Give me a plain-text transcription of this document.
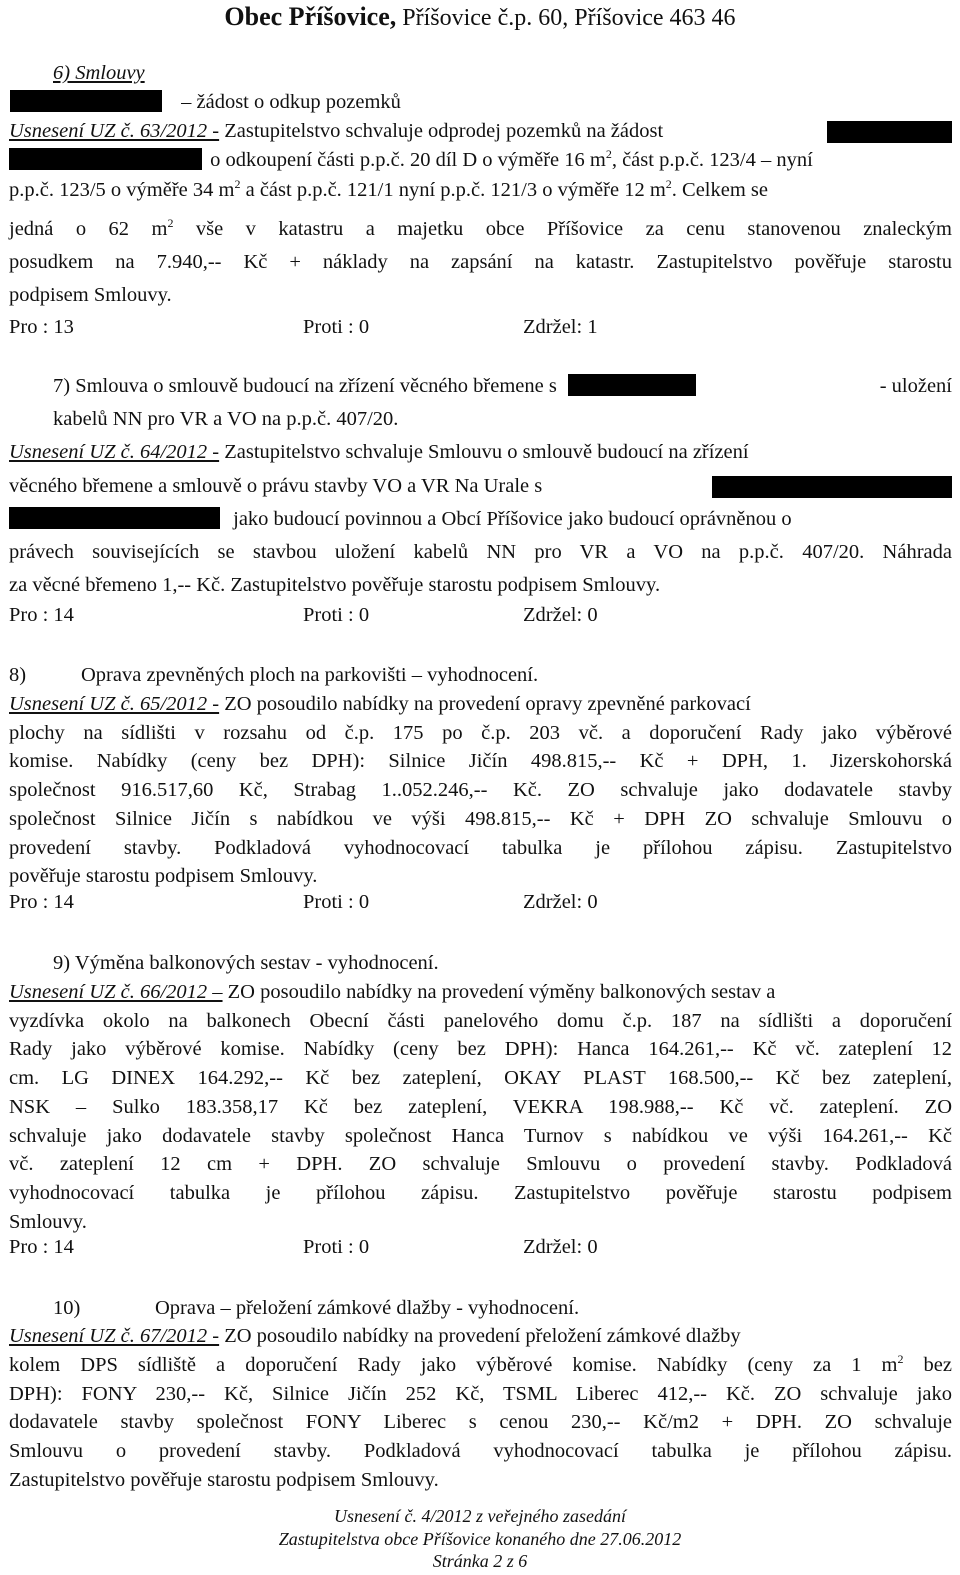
Obec Příšovice, Příšovice č.p. 60, Příšovice 463 46
6) Smlouvy
– žádost o odkup pozemků
Usnesení UZ č. 63/2012 - Zastupitelstvo schvaluje odprodej pozemků na žádost
o odkoupení části p.p.č. 20 díl D o výměře 16 $m^2$, část p.p.č. 123/4 – nyní
p.p.č. 123/5 o výměře 34 $m^2$ a část p.p.č. 121/1 nyní p.p.č. 121/3 o výměře 12 $m^2$. Celkem se
jedná o 62 $m^2$ vše v katastru a majetku obce Příšovice za cenu stanovenou znaleckým
posudkem na 7.940,-- Kč + náklady na zapsání na katastr. Zastupitelstvo pověřuje starostu
podpisem Smlouvy.
Pro : 13	Proti : 0	Zdržel: 1
7) Smlouva o smlouvě budoucí na zřízení věcného břemene s	- uložení
kabelů NN pro VR a VO na p.p.č. 407/20.
Usnesení UZ č. 64/2012 - Zastupitelstvo schvaluje Smlouvu o smlouvě budoucí na zřízení
věcného břemene a smlouvě o právu stavby VO a VR Na Urale s
jako budoucí povinnou a Obcí Příšovice jako budoucí oprávněnou o
právech souvisejících se stavbou uložení kabelů NN pro VR a VO na p.p.č. 407/20. Náhrada
za věcné břemeno 1,-- Kč. Zastupitelstvo pověřuje starostu podpisem Smlouvy.
Pro : 14	Proti : 0	Zdržel: 0
8)	Oprava zpevněných ploch na parkovišti – vyhodnocení.
Usnesení UZ č. 65/2012 - ZO posoudilo nabídky na provedení opravy zpevněné parkovací
plochy na sídlišti v rozsahu od č.p. 175 po č.p. 203 vč. a doporučení Rady jako výběrové
komise. Nabídky (ceny bez DPH): Silnice Jičín 498.815,-- Kč + DPH, 1. Jizerskohorská
společnost 916.517,60 Kč, Strabag 1..052.246,-- Kč. ZO schvaluje jako dodavatele stavby
společnost Silnice Jičín s nabídkou ve výši 498.815,-- Kč + DPH ZO schvaluje Smlouvu o
provedení stavby. Podkladová vyhodnocovací tabulka je přílohou zápisu. Zastupitelstvo
pověřuje starostu podpisem Smlouvy.
Pro : 14	Proti : 0	Zdržel: 0
9) Výměna balkonových sestav - vyhodnocení.
Usnesení UZ č. 66/2012 – ZO posoudilo nabídky na provedení výměny balkonových sestav a
vyzdívka okolo na balkonech Obecní části panelového domu č.p. 187 na sídlišti a doporučení
Rady jako výběrové komise. Nabídky (ceny bez DPH): Hanca 164.261,-- Kč vč. zateplení 12
cm. LG DINEX 164.292,-- Kč bez zateplení, OKAY PLAST 168.500,-- Kč bez zateplení,
NSK – Sulko 183.358,17 Kč bez zateplení, VEKRA 198.988,-- Kč vč. zateplení. ZO
schvaluje jako dodavatele stavby společnost Hanca Turnov s nabídkou ve výši 164.261,-- Kč
vč. zateplení 12 cm + DPH. ZO schvaluje Smlouvu o provedení stavby. Podkladová
vyhodnocovací tabulka je přílohou zápisu. Zastupitelstvo pověřuje starostu podpisem
Smlouvy.
Pro : 14	Proti : 0	Zdržel: 0
10)	Oprava – přeložení zámkové dlažby - vyhodnocení.
Usnesení UZ č. 67/2012 - ZO posoudilo nabídky na provedení přeložení zámkové dlažby
kolem DPS sídliště a doporučení Rady jako výběrové komise. Nabídky (ceny za 1 $m^2$ bez
DPH): FONY 230,-- Kč, Silnice Jičín 252 Kč, TSML Liberec 412,-- Kč. ZO schvaluje jako
dodavatele stavby společnost FONY Liberec s cenou 230,-- Kč/m2 + DPH. ZO schvaluje
Smlouvu o provedení stavby. Podkladová vyhodnocovací tabulka je přílohou zápisu.
Zastupitelstvo pověřuje starostu podpisem Smlouvy.
Usnesení č. 4/2012 z veřejného zasedání
Zastupitelstva obce Příšovice konaného dne 27.06.2012
Stránka 2 z 6
